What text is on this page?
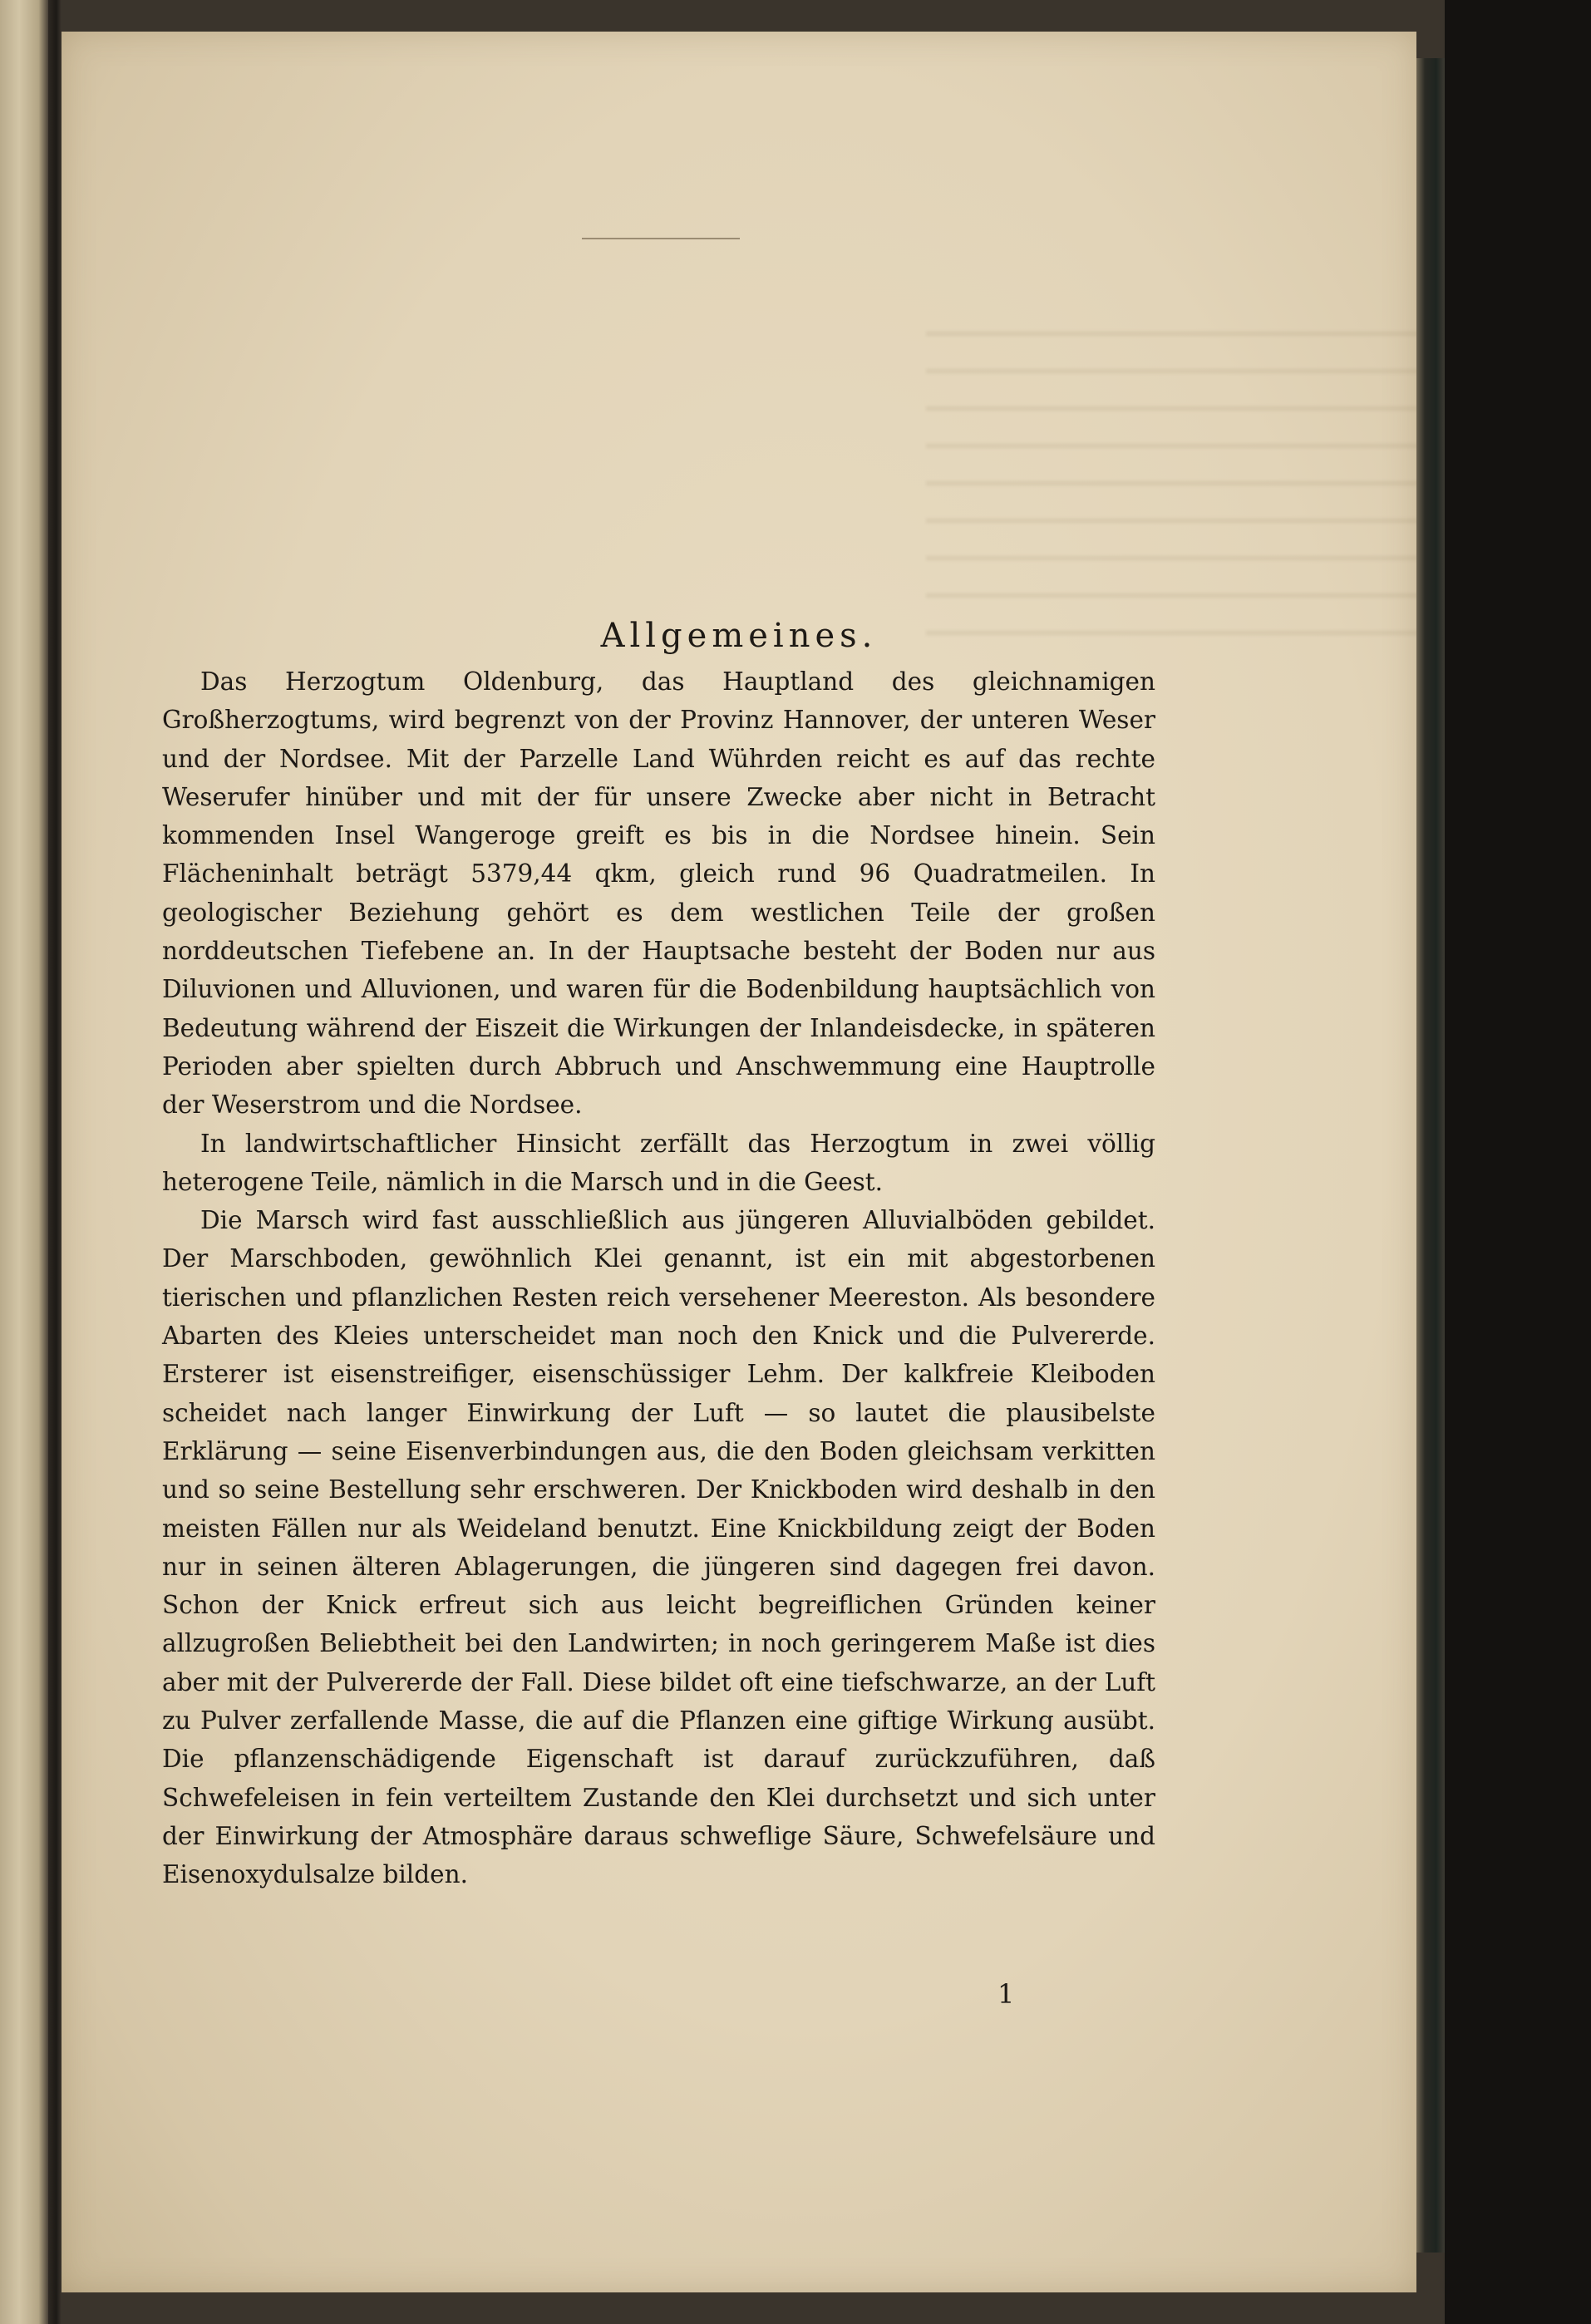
Allgemeines.

Das Herzogtum Oldenburg, das Hauptland des gleichnamigen Großherzogtums, wird begrenzt von der Provinz Hannover, der unteren Weser und der Nordsee. Mit der Parzelle Land Wührden reicht es auf das rechte Weserufer hinüber und mit der für unsere Zwecke aber nicht in Betracht kommenden Insel Wangeroge greift es bis in die Nordsee hinein. Sein Flächeninhalt beträgt 5379,44 qkm, gleich rund 96 Quadratmeilen. In geologischer Beziehung gehört es dem westlichen Teile der großen norddeutschen Tiefebene an. In der Hauptsache besteht der Boden nur aus Diluvionen und Alluvionen, und waren für die Bodenbildung hauptsächlich von Bedeutung während der Eiszeit die Wirkungen der Inlandeisdecke, in späteren Perioden aber spielten durch Abbruch und Anschwemmung eine Hauptrolle der Weserstrom und die Nordsee.

In landwirtschaftlicher Hinsicht zerfällt das Herzogtum in zwei völlig heterogene Teile, nämlich in die Marsch und in die Geest.

Die Marsch wird fast ausschließlich aus jüngeren Alluvialböden gebildet. Der Marschboden, gewöhnlich Klei genannt, ist ein mit abgestorbenen tierischen und pflanzlichen Resten reich versehener Meereston. Als besondere Abarten des Kleies unterscheidet man noch den Knick und die Pulvererde. Ersterer ist eisenstreifiger, eisenschüssiger Lehm. Der kalkfreie Kleiboden scheidet nach langer Einwirkung der Luft — so lautet die plausibelste Erklärung — seine Eisenverbindungen aus, die den Boden gleichsam verkitten und so seine Bestellung sehr erschweren. Der Knickboden wird deshalb in den meisten Fällen nur als Weideland benutzt. Eine Knickbildung zeigt der Boden nur in seinen älteren Ablagerungen, die jüngeren sind dagegen frei davon. Schon der Knick erfreut sich aus leicht begreiflichen Gründen keiner allzugroßen Beliebtheit bei den Landwirten; in noch geringerem Maße ist dies aber mit der Pulvererde der Fall. Diese bildet oft eine tiefschwarze, an der Luft zu Pulver zerfallende Masse, die auf die Pflanzen eine giftige Wirkung ausübt. Die pflanzenschädigende Eigenschaft ist darauf zurückzuführen, daß Schwefeleisen in fein verteiltem Zustande den Klei durchsetzt und sich unter der Einwirkung der Atmosphäre daraus schweflige Säure, Schwefelsäure und Eisenoxydulsalze bilden.

1
